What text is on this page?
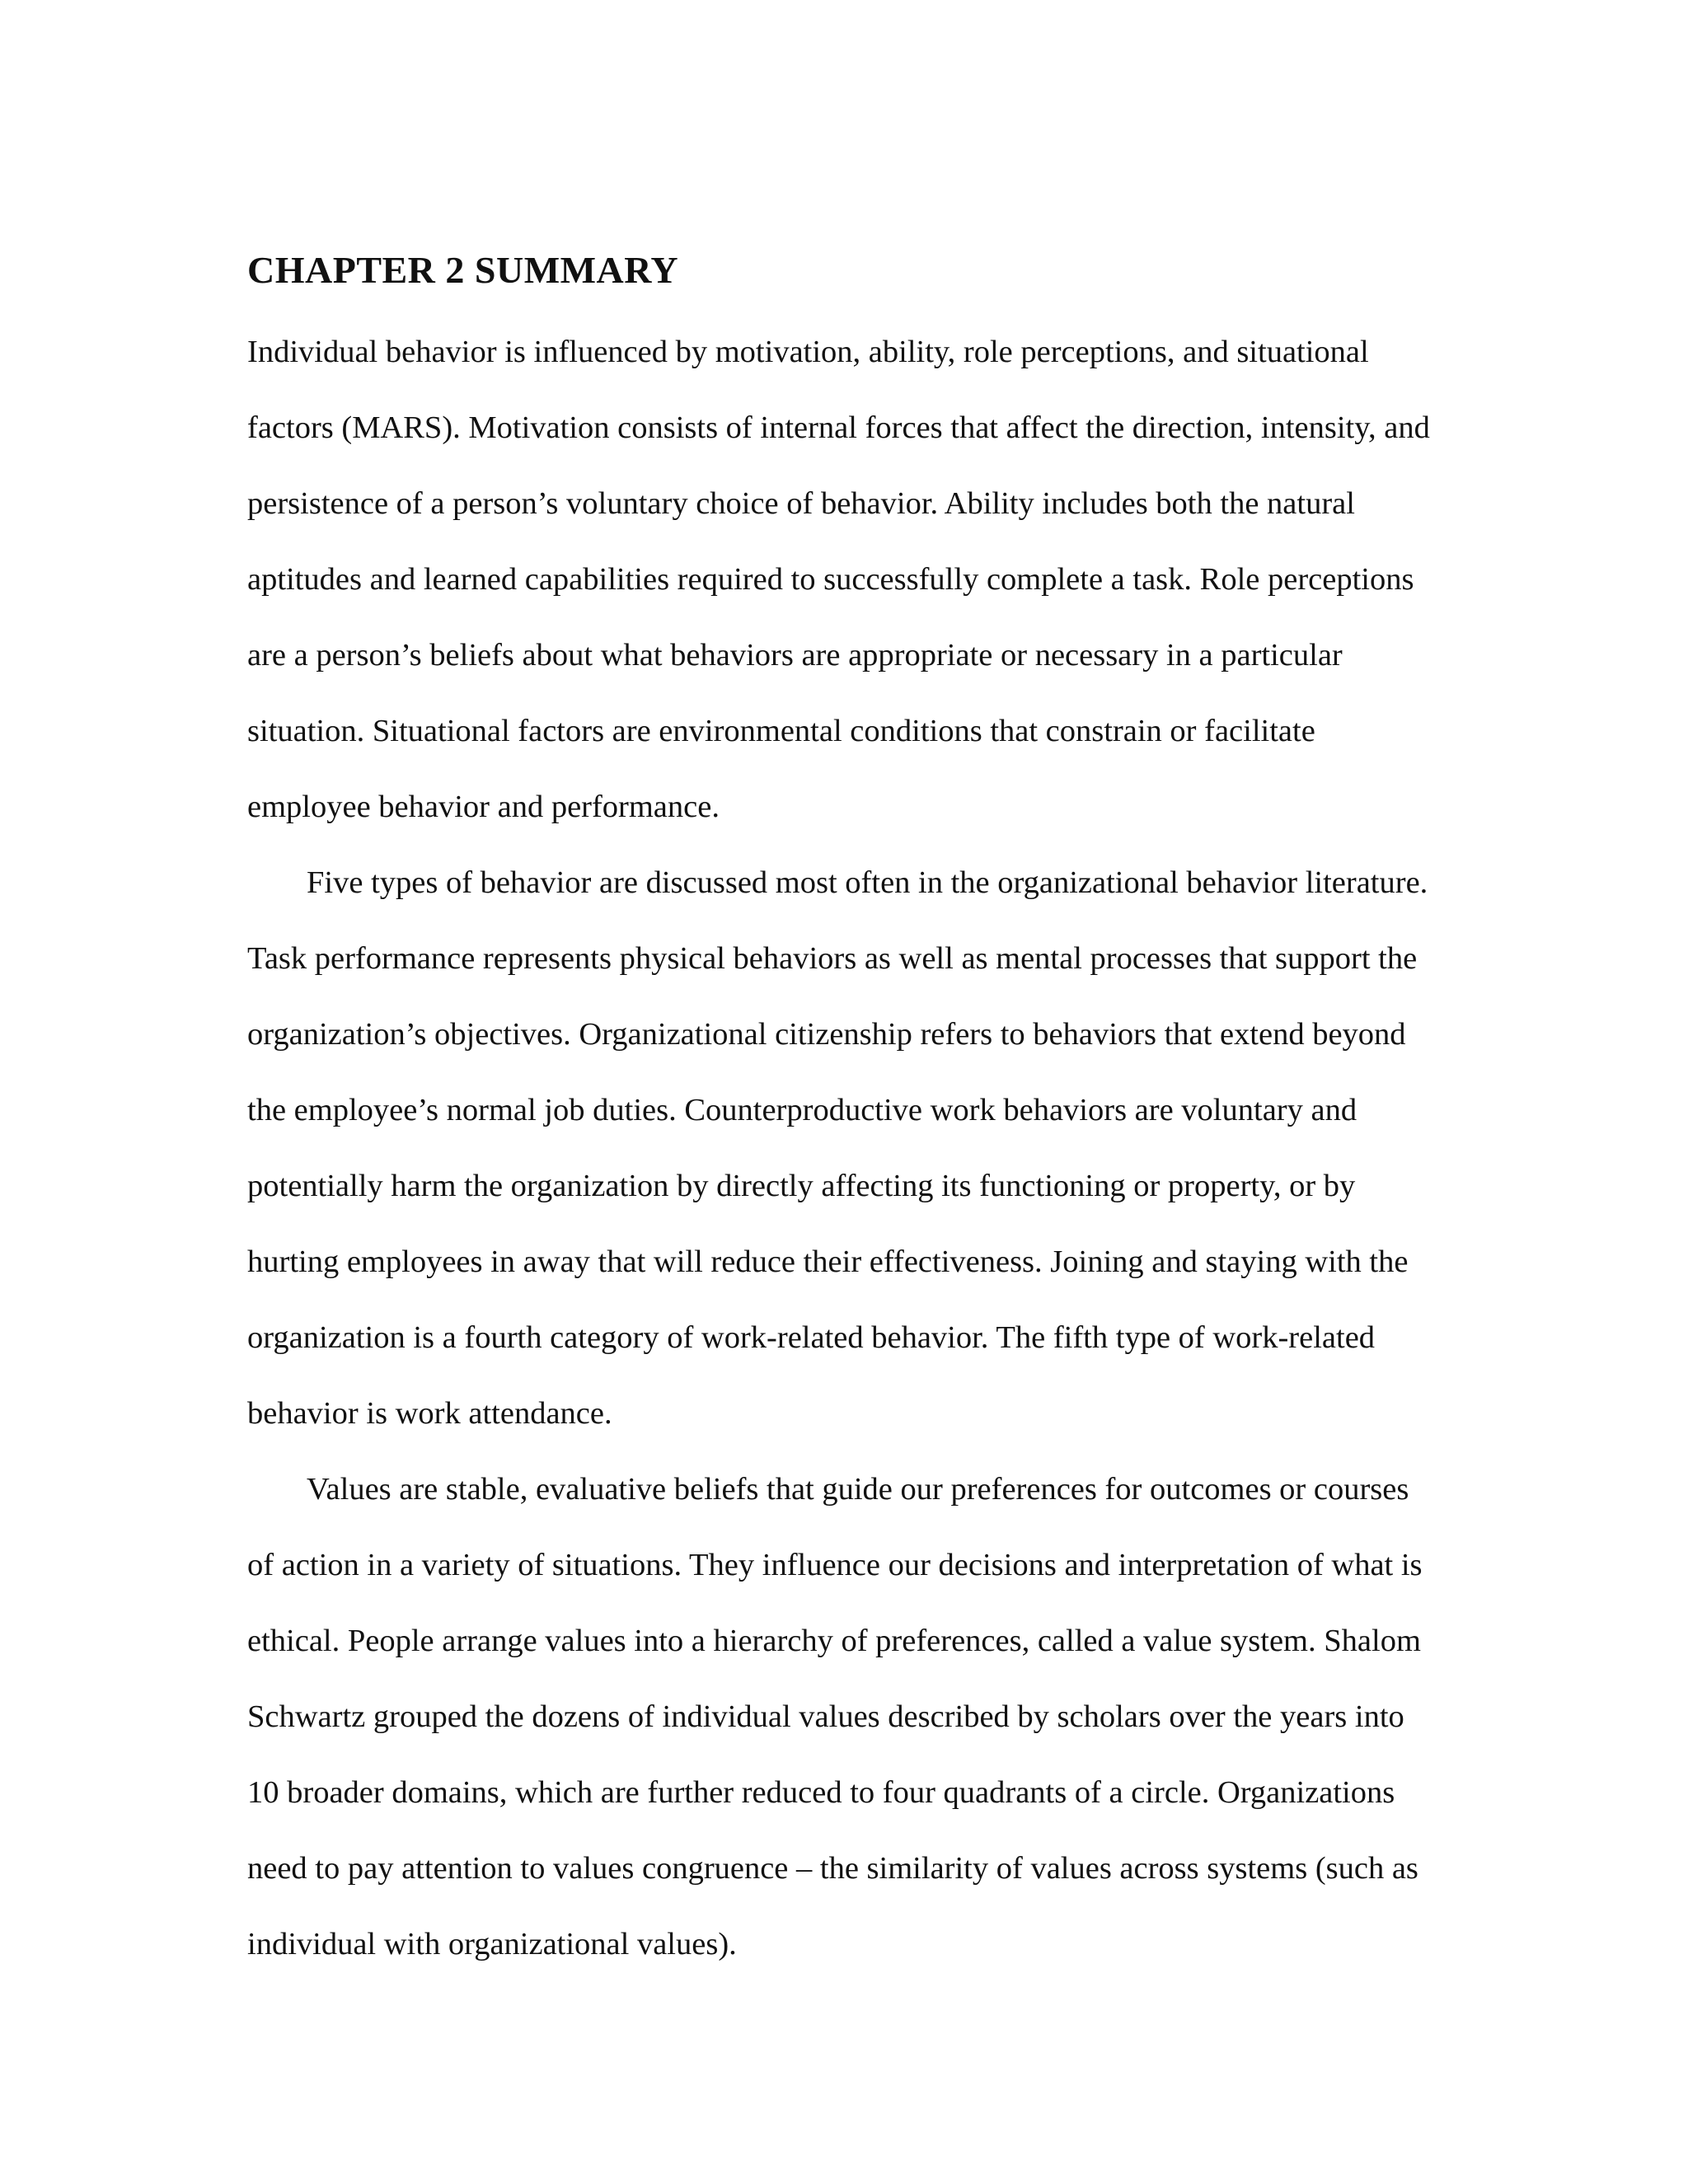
CHAPTER 2 SUMMARY

Individual behavior is influenced by motivation, ability, role perceptions, and situational factors (MARS). Motivation consists of internal forces that affect the direction, intensity, and persistence of a person’s voluntary choice of behavior. Ability includes both the natural aptitudes and learned capabilities required to successfully complete a task. Role perceptions are a person’s beliefs about what behaviors are appropriate or necessary in a particular situation. Situational factors are environmental conditions that constrain or facilitate employee behavior and performance.

Five types of behavior are discussed most often in the organizational behavior literature. Task performance represents physical behaviors as well as mental processes that support the organization’s objectives. Organizational citizenship refers to behaviors that extend beyond the employee’s normal job duties. Counterproductive work behaviors are voluntary and potentially harm the organization by directly affecting its functioning or property, or by hurting employees in away that will reduce their effectiveness. Joining and staying with the organization is a fourth category of work-related behavior. The fifth type of work-related behavior is work attendance.

Values are stable, evaluative beliefs that guide our preferences for outcomes or courses of action in a variety of situations. They influence our decisions and interpretation of what is ethical. People arrange values into a hierarchy of preferences, called a value system. Shalom Schwartz grouped the dozens of individual values described by scholars over the years into 10 broader domains, which are further reduced to four quadrants of a circle. Organizations need to pay attention to values congruence – the similarity of values across systems (such as individual with organizational values).
